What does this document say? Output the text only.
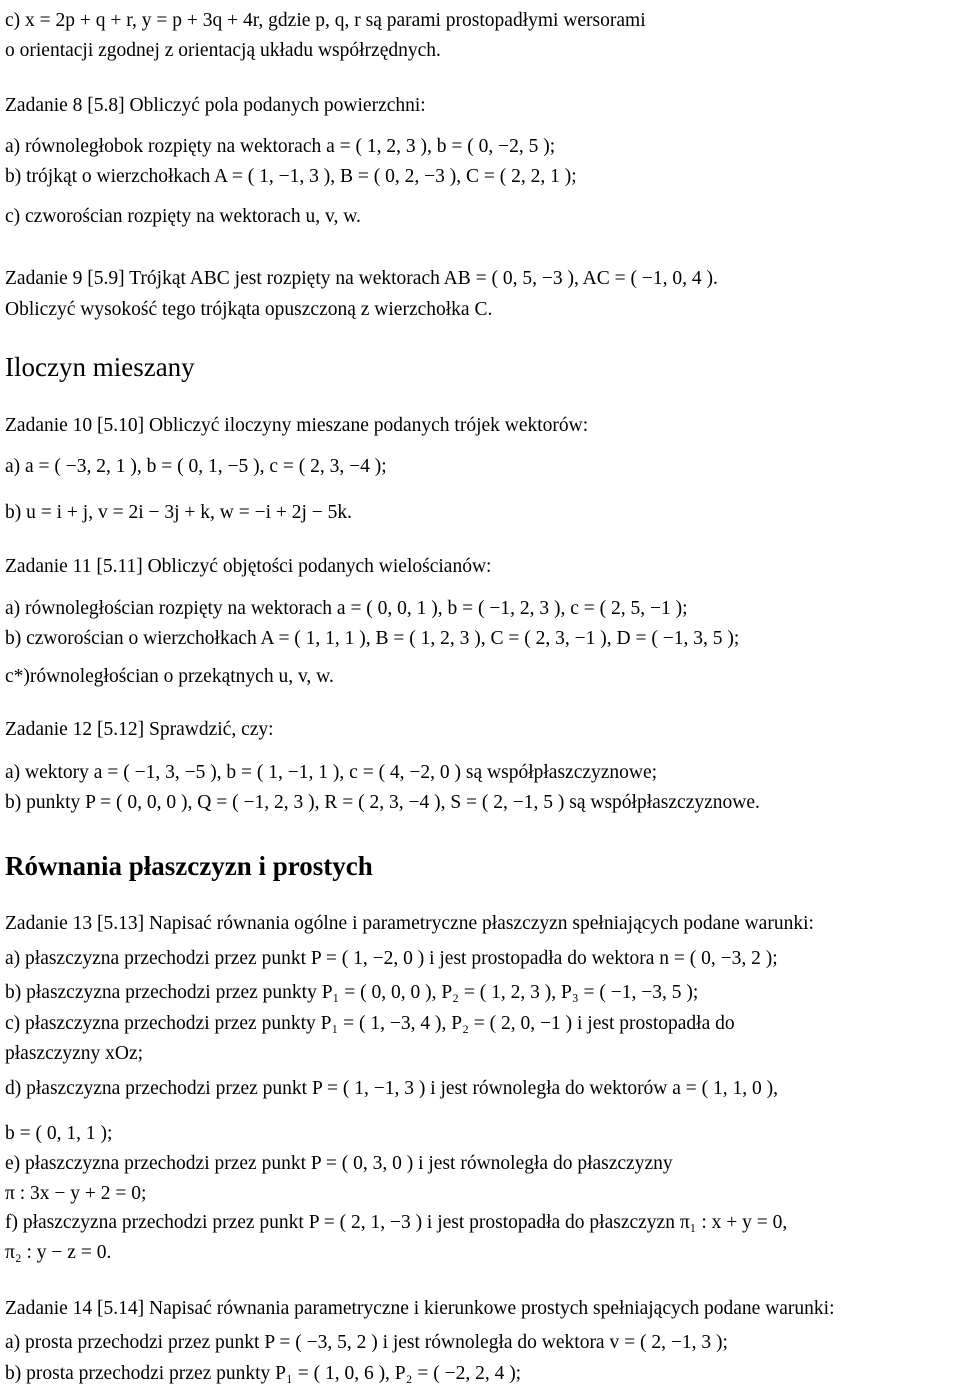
c) x = 2p + q + r, y = p + 3q + 4r, gdzie p, q, r są parami prostopadłymi wersorami
o orientacji zgodnej z orientacją układu współrzędnych.
Zadanie 8 [5.8] Obliczyć pola podanych powierzchni:
a) równoległobok rozpięty na wektorach a = ( 1, 2, 3 ), b = ( 0, −2, 5 );
b) trójkąt o wierzchołkach A = ( 1, −1, 3 ), B = ( 0, 2, −3 ), C = ( 2, 2, 1 );
c) czworościan rozpięty na wektorach u, v, w.
Zadanie 9 [5.9] Trójkąt ABC jest rozpięty na wektorach AB = ( 0, 5, −3 ), AC = ( −1, 0, 4 ).
Obliczyć wysokość tego trójkąta opuszczoną z wierzchołka C.
Iloczyn mieszany
Zadanie 10 [5.10] Obliczyć iloczyny mieszane podanych trójek wektorów:
a) a = ( −3, 2, 1 ), b = ( 0, 1, −5 ), c = ( 2, 3, −4 );
b) u = i + j, v = 2i − 3j + k, w = −i + 2j − 5k.
Zadanie 11 [5.11] Obliczyć objętości podanych wielościanów:
a) równoległościan rozpięty na wektorach a = ( 0, 0, 1 ), b = ( −1, 2, 3 ), c = ( 2, 5, −1 );
b) czworościan o wierzchołkach A = ( 1, 1, 1 ), B = ( 1, 2, 3 ), C = ( 2, 3, −1 ), D = ( −1, 3, 5 );
c*)równoległościan o przekątnych u, v, w.
Zadanie 12 [5.12] Sprawdzić, czy:
a) wektory a = ( −1, 3, −5 ), b = ( 1, −1, 1 ), c = ( 4, −2, 0 ) są współpłaszczyznowe;
b) punkty P = ( 0, 0, 0 ), Q = ( −1, 2, 3 ), R = ( 2, 3, −4 ), S = ( 2, −1, 5 ) są współpłaszczyznowe.
Równania płaszczyzn i prostych
Zadanie 13 [5.13] Napisać równania ogólne i parametryczne płaszczyzn spełniających podane warunki:
a) płaszczyzna przechodzi przez punkt P = ( 1, −2, 0 ) i jest prostopadła do wektora n = ( 0, −3, 2 );
b) płaszczyzna przechodzi przez punkty P₁ = ( 0, 0, 0 ), P₂ = ( 1, 2, 3 ), P₃ = ( −1, −3, 5 );
c) płaszczyzna przechodzi przez punkty P₁ = ( 1, −3, 4 ), P₂ = ( 2, 0, −1 ) i jest prostopadła do
płaszczyzny xOz;
d) płaszczyzna przechodzi przez punkt P = ( 1, −1, 3 ) i jest równoległa do wektorów a = ( 1, 1, 0 ),
b = ( 0, 1, 1 );
e) płaszczyzna przechodzi przez punkt P = ( 0, 3, 0 ) i jest równoległa do płaszczyzny
π : 3x − y + 2 = 0;
f) płaszczyzna przechodzi przez punkt P = ( 2, 1, −3 ) i jest prostopadła do płaszczyzn π₁ : x + y = 0,
π₂ : y − z = 0.
Zadanie 14 [5.14] Napisać równania parametryczne i kierunkowe prostych spełniających podane warunki:
a) prosta przechodzi przez punkt P = ( −3, 5, 2 ) i jest równoległa do wektora v = ( 2, −1, 3 );
b) prosta przechodzi przez punkty P₁ = ( 1, 0, 6 ), P₂ = ( −2, 2, 4 );
